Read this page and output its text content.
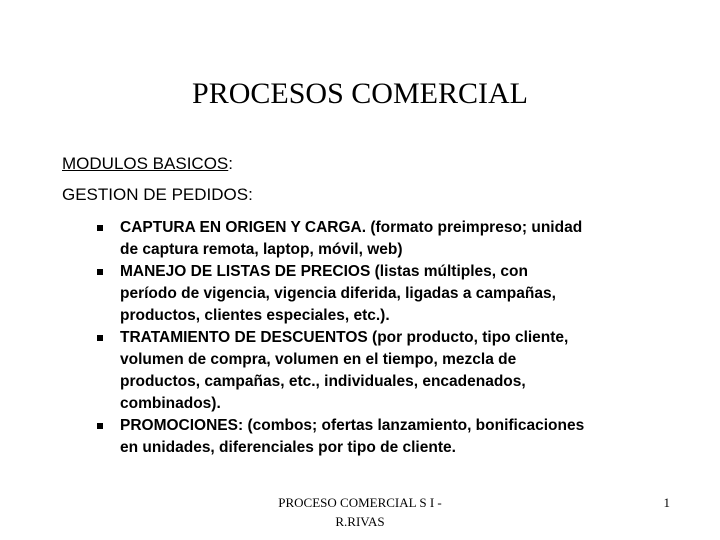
PROCESOS COMERCIAL
MODULOS BASICOS:
GESTION DE PEDIDOS:
CAPTURA EN ORIGEN Y CARGA. (formato preimpreso; unidad
de captura remota, laptop, móvil, web)
MANEJO DE LISTAS DE PRECIOS (listas múltiples, con
período de vigencia, vigencia diferida, ligadas a campañas,
productos, clientes especiales, etc.).
TRATAMIENTO DE DESCUENTOS (por producto, tipo cliente,
volumen de compra, volumen en el tiempo, mezcla de
productos, campañas, etc., individuales, encadenados,
combinados).
PROMOCIONES: (combos; ofertas lanzamiento, bonificaciones
en unidades, diferenciales por tipo de cliente.
PROCESO COMERCIAL S I -
R.RIVAS
1
